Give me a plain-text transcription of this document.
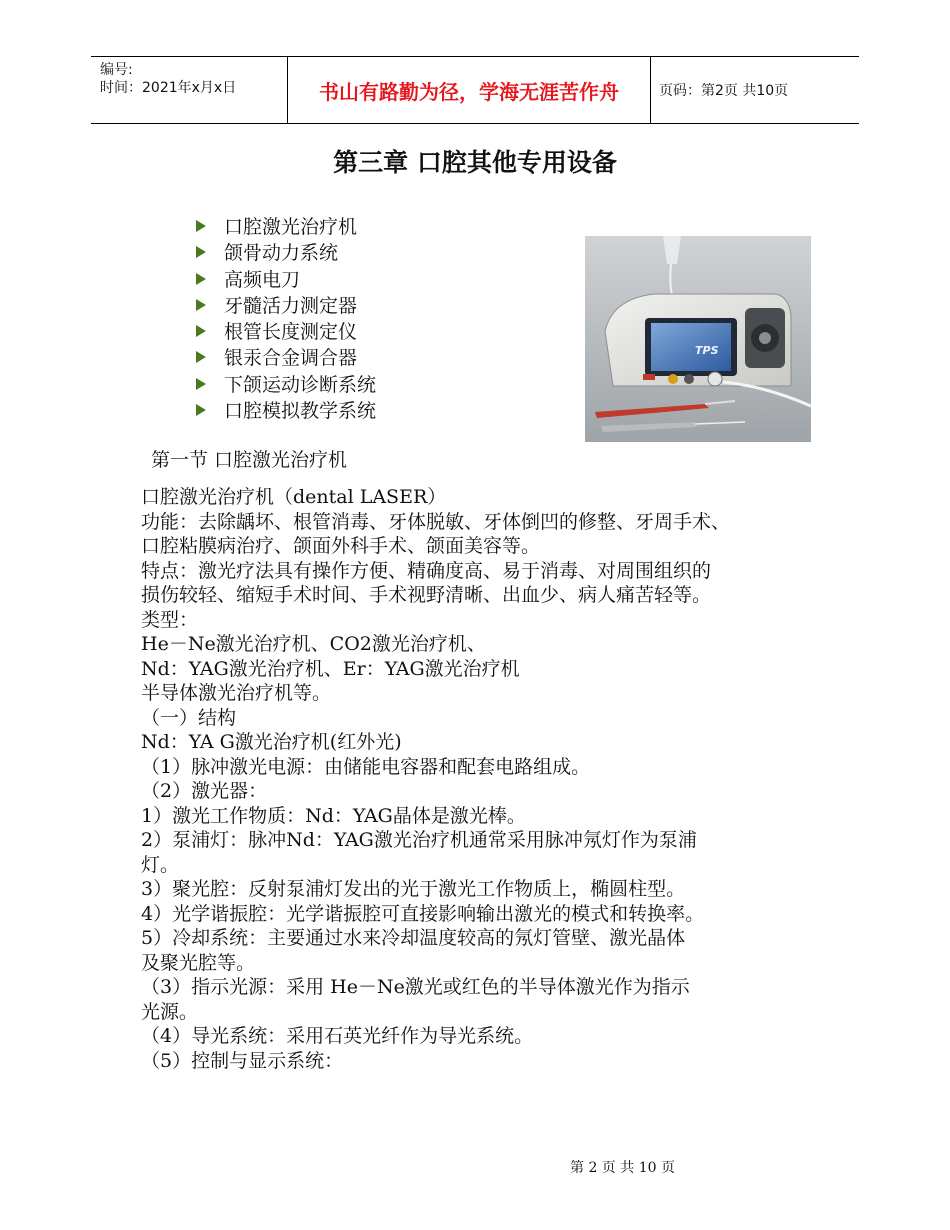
编号:
时间：2021年x月x日	书山有路勤为径，学海无涯苦作舟	页码：第2页 共10页
第三章 口腔其他专用设备
口腔激光治疗机
颌骨动力系统
高频电刀
牙髓活力测定器
根管长度测定仪
银汞合金调合器
下颌运动诊断系统
口腔模拟教学系统
TPS
第一节 口腔激光治疗机
口腔激光治疗机（dental LASER）
功能：去除龋坏、根管消毒、牙体脱敏、牙体倒凹的修整、牙周手术、
口腔粘膜病治疗、颌面外科手术、颌面美容等。
特点：激光疗法具有操作方便、精确度高、易于消毒、对周围组织的
损伤较轻、缩短手术时间、手术视野清晰、出血少、病人痛苦轻等。
类型：
He－Ne激光治疗机、CO2激光治疗机、
Nd：YAG激光治疗机、Er：YAG激光治疗机
半导体激光治疗机等。
（一）结构
Nd：YA G激光治疗机(红外光)
（1）脉冲激光电源：由储能电容器和配套电路组成。
（2）激光器：
1）激光工作物质：Nd：YAG晶体是激光棒。
2）泵浦灯：脉冲Nd：YAG激光治疗机通常采用脉冲氖灯作为泵浦
灯。
3）聚光腔：反射泵浦灯发出的光于激光工作物质上，椭圆柱型。
4）光学谐振腔：光学谐振腔可直接影响输出激光的模式和转换率。
5）冷却系统：主要通过水来冷却温度较高的氖灯管壁、激光晶体
及聚光腔等。
（3）指示光源：采用 He－Ne激光或红色的半导体激光作为指示
光源。
（4）导光系统：采用石英光纤作为导光系统。
（5）控制与显示系统：
第 2 页 共 10 页
